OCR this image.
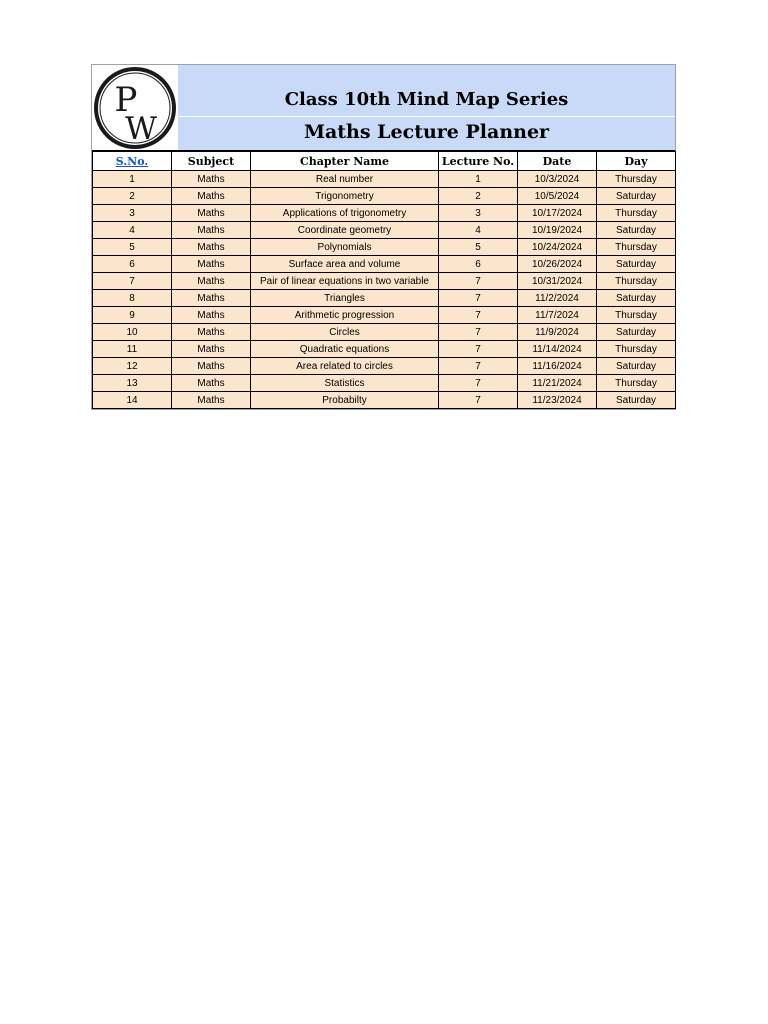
P
W
Class 10th Mind Map Series
Maths Lecture Planner
S.No.	Subject	Chapter Name	Lecture No.	Date	Day
1	Maths	Real number	1	10/3/2024	Thursday
2	Maths	Trigonometry	2	10/5/2024	Saturday
3	Maths	Applications of trigonometry	3	10/17/2024	Thursday
4	Maths	Coordinate geometry	4	10/19/2024	Saturday
5	Maths	Polynomials	5	10/24/2024	Thursday
6	Maths	Surface area and volume	6	10/26/2024	Saturday
7	Maths	Pair of linear equations in two variable	7	10/31/2024	Thursday
8	Maths	Triangles	7	11/2/2024	Saturday
9	Maths	Arithmetic progression	7	11/7/2024	Thursday
10	Maths	Circles	7	11/9/2024	Saturday
11	Maths	Quadratic equations	7	11/14/2024	Thursday
12	Maths	Area related to circles	7	11/16/2024	Saturday
13	Maths	Statistics	7	11/21/2024	Thursday
14	Maths	Probabilty	7	11/23/2024	Saturday
